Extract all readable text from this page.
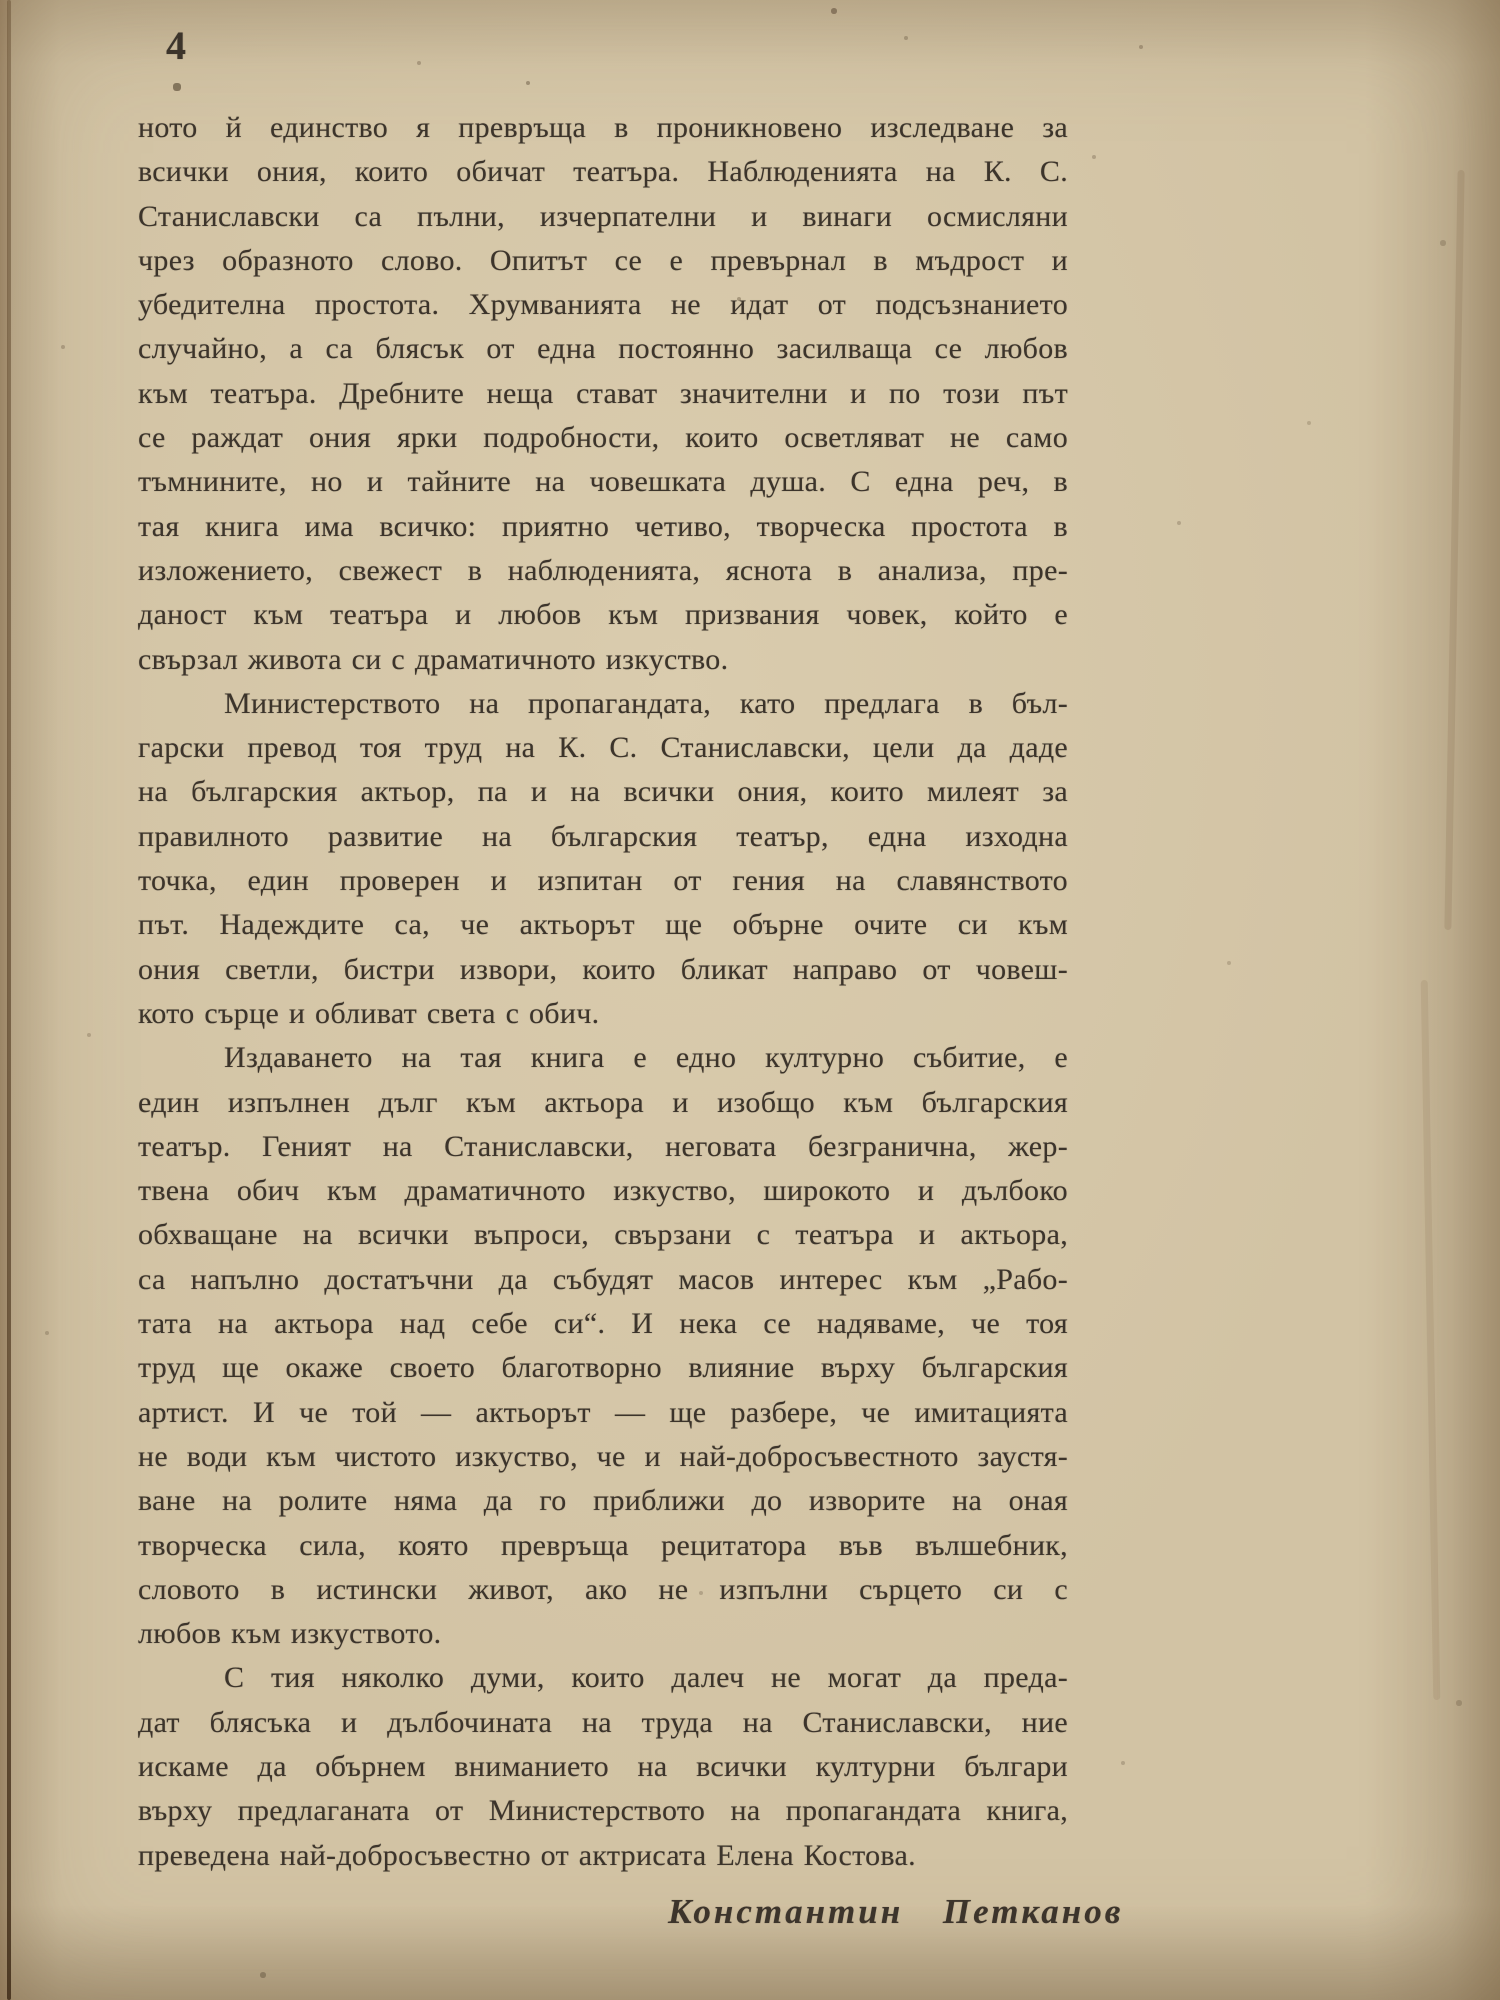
4
ното й единство я превръща в проникновено изследване за
всички ония, които обичат театъра. Наблюденията на К. С.
Станиславски са пълни, изчерпателни и винаги осмисляни
чрез образното слово. Опитът се е превърнал в мъдрост и
убедителна простота. Хрумванията не идат от подсъзнанието
случайно, а са блясък от една постоянно засилваща се любов
към театъра. Дребните неща стават значителни и по този път
се раждат ония ярки подробности, които осветляват не само
тъмнините, но и тайните на човешката душа. С една реч, в
тая книга има всичко: приятно четиво, творческа простота в
изложението, свежест в наблюденията, яснота в анализа, пре-
даност към театъра и любов към призвания човек, който е
свързал живота си с драматичното изкуство.
Министерството на пропагандата, като предлага в бъл-
гарски превод тоя труд на К. С. Станиславски, цели да даде
на българския актьор, па и на всички ония, които милеят за
правилното развитие на българския театър, една изходна
точка, един проверен и изпитан от гения на славянството
път. Надеждите са, че актьорът ще обърне очите си към
ония светли, бистри извори, които бликат направо от човеш-
кото сърце и обливат света с обич.
Издаването на тая книга е едно културно събитие, е
един изпълнен дълг към актьора и изобщо към българския
театър. Геният на Станиславски, неговата безгранична, жер-
твена обич към драматичното изкуство, широкото и дълбоко
обхващане на всички въпроси, свързани с театъра и актьора,
са напълно достатъчни да събудят масов интерес към „Рабо-
тата на актьора над себе си“. И нека се надяваме, че тоя
труд ще окаже своето благотворно влияние върху българския
артист. И че той — актьорът — ще разбере, че имитацията
не води към чистото изкуство, че и най-добросъвестното заустя-
ване на ролите няма да го приближи до изворите на оная
творческа сила, която превръща рецитатора във вълшебник,
словото в истински живот, ако не изпълни сърцето си с
любов към изкуството.
С тия няколко думи, които далеч не могат да преда-
дат блясъка и дълбочината на труда на Станиславски, ние
искаме да обърнем вниманието на всички културни българи
върху предлаганата от Министерството на пропагандата книга,
преведена най-добросъвестно от актрисата Елена Костова.
Константин Петканов
